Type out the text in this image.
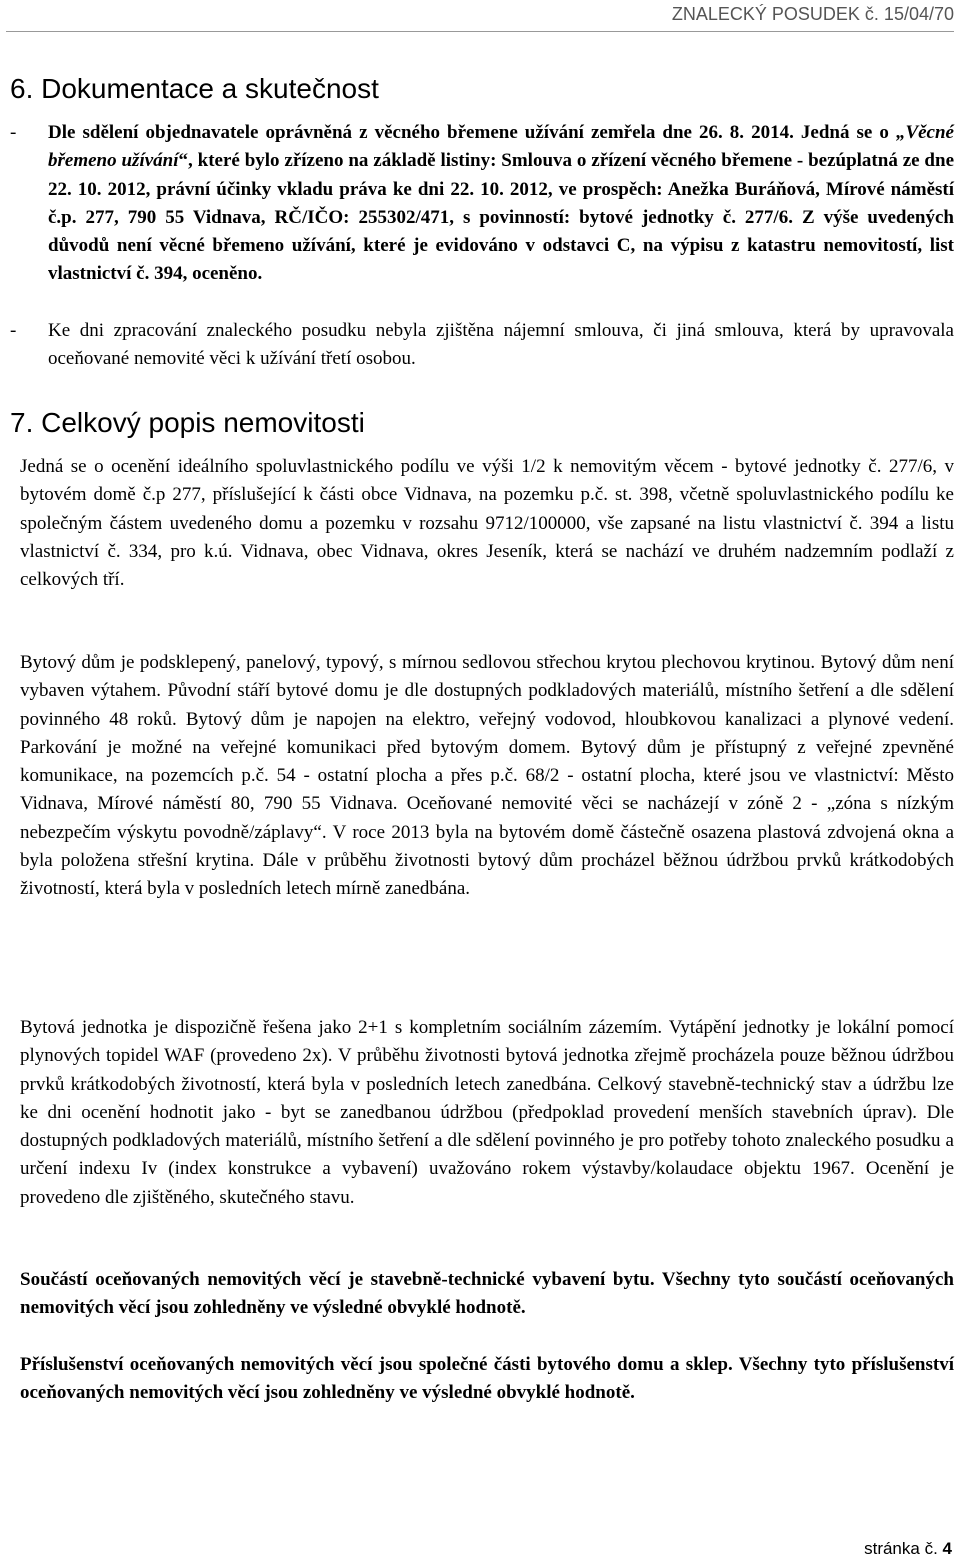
ZNALECKÝ POSUDEK č. 15/04/70
6. Dokumentace a skutečnost
- Dle sdělení objednavatele oprávněná z věcného břemene užívání zemřela dne 26. 8. 2014. Jedná se o „Věcné břemeno užívání“, které bylo zřízeno na základě listiny: Smlouva o zřízení věcného břemene - bezúplatná ze dne 22. 10. 2012, právní účinky vkladu práva ke dni 22. 10. 2012, ve prospěch: Anežka Buráňová, Mírové náměstí č.p. 277, 790 55 Vidnava, RČ/IČO: 255302/471, s povinností: bytové jednotky č. 277/6. Z výše uvedených důvodů není věcné břemeno užívání, které je evidováno v odstavci C, na výpisu z katastru nemovitostí, list vlastnictví č. 394, oceněno.

- Ke dni zpracování znaleckého posudku nebyla zjištěna nájemní smlouva, či jiná smlouva, která by upravovala oceňované nemovité věci k užívání třetí osobou.

7. Celkový popis nemovitosti

Jedná se o ocenění ideálního spoluvlastnického podílu ve výši 1/2 k nemovitým věcem - bytové jednotky č. 277/6, v bytovém domě č.p 277, příslušející k části obce Vidnava, na pozemku p.č. st. 398, včetně spoluvlastnického podílu ke společným částem uvedeného domu a pozemku v rozsahu 9712/100000, vše zapsané na listu vlastnictví č. 394 a listu vlastnictví č. 334, pro k.ú. Vidnava, obec Vidnava, okres Jeseník, která se nachází ve druhém nadzemním podlaží z celkových tří.

Bytový dům je podsklepený, panelový, typový, s mírnou sedlovou střechou krytou plechovou krytinou. Bytový dům není vybaven výtahem. Původní stáří bytové domu je dle dostupných podkladových materiálů, místního šetření a dle sdělení povinného 48 roků. Bytový dům je napojen na elektro, veřejný vodovod, hloubkovou kanalizaci a plynové vedení. Parkování je možné na veřejné komunikaci před bytovým domem. Bytový dům je přístupný z veřejné zpevněné komunikace, na pozemcích p.č. 54 - ostatní plocha a přes p.č. 68/2 - ostatní plocha, které jsou ve vlastnictví: Město Vidnava, Mírové náměstí 80, 790 55 Vidnava. Oceňované nemovité věci se nacházejí v zóně 2 - „zóna s nízkým nebezpečím výskytu povodně/záplavy“. V roce 2013 byla na bytovém domě částečně osazena plastová zdvojená okna a byla položena střešní krytina. Dále v průběhu životnosti bytový dům procházel běžnou údržbou prvků krátkodobých životností, která byla v posledních letech mírně zanedbána.

Bytová jednotka je dispozičně řešena jako 2+1 s kompletním sociálním zázemím. Vytápění jednotky je lokální pomocí plynových topidel WAF (provedeno 2x). V průběhu životnosti bytová jednotka zřejmě procházela pouze běžnou údržbou prvků krátkodobých životností, která byla v posledních letech zanedbána. Celkový stavebně-technický stav a údržbu lze ke dni ocenění hodnotit jako - byt se zanedbanou údržbou (předpoklad provedení menších stavebních úprav). Dle dostupných podkladových materiálů, místního šetření a dle sdělení povinného je pro potřeby tohoto znaleckého posudku a určení indexu Iv (index konstrukce a vybavení) uvažováno rokem výstavby/kolaudace objektu 1967. Ocenění je provedeno dle zjištěného, skutečného stavu.

Součástí oceňovaných nemovitých věcí je stavebně-technické vybavení bytu. Všechny tyto součástí oceňovaných nemovitých věcí jsou zohledněny ve výsledné obvyklé hodnotě.

Příslušenství oceňovaných nemovitých věcí jsou společné části bytového domu a sklep. Všechny tyto příslušenství oceňovaných nemovitých věcí jsou zohledněny ve výsledné obvyklé hodnotě.

stránka č. 4
